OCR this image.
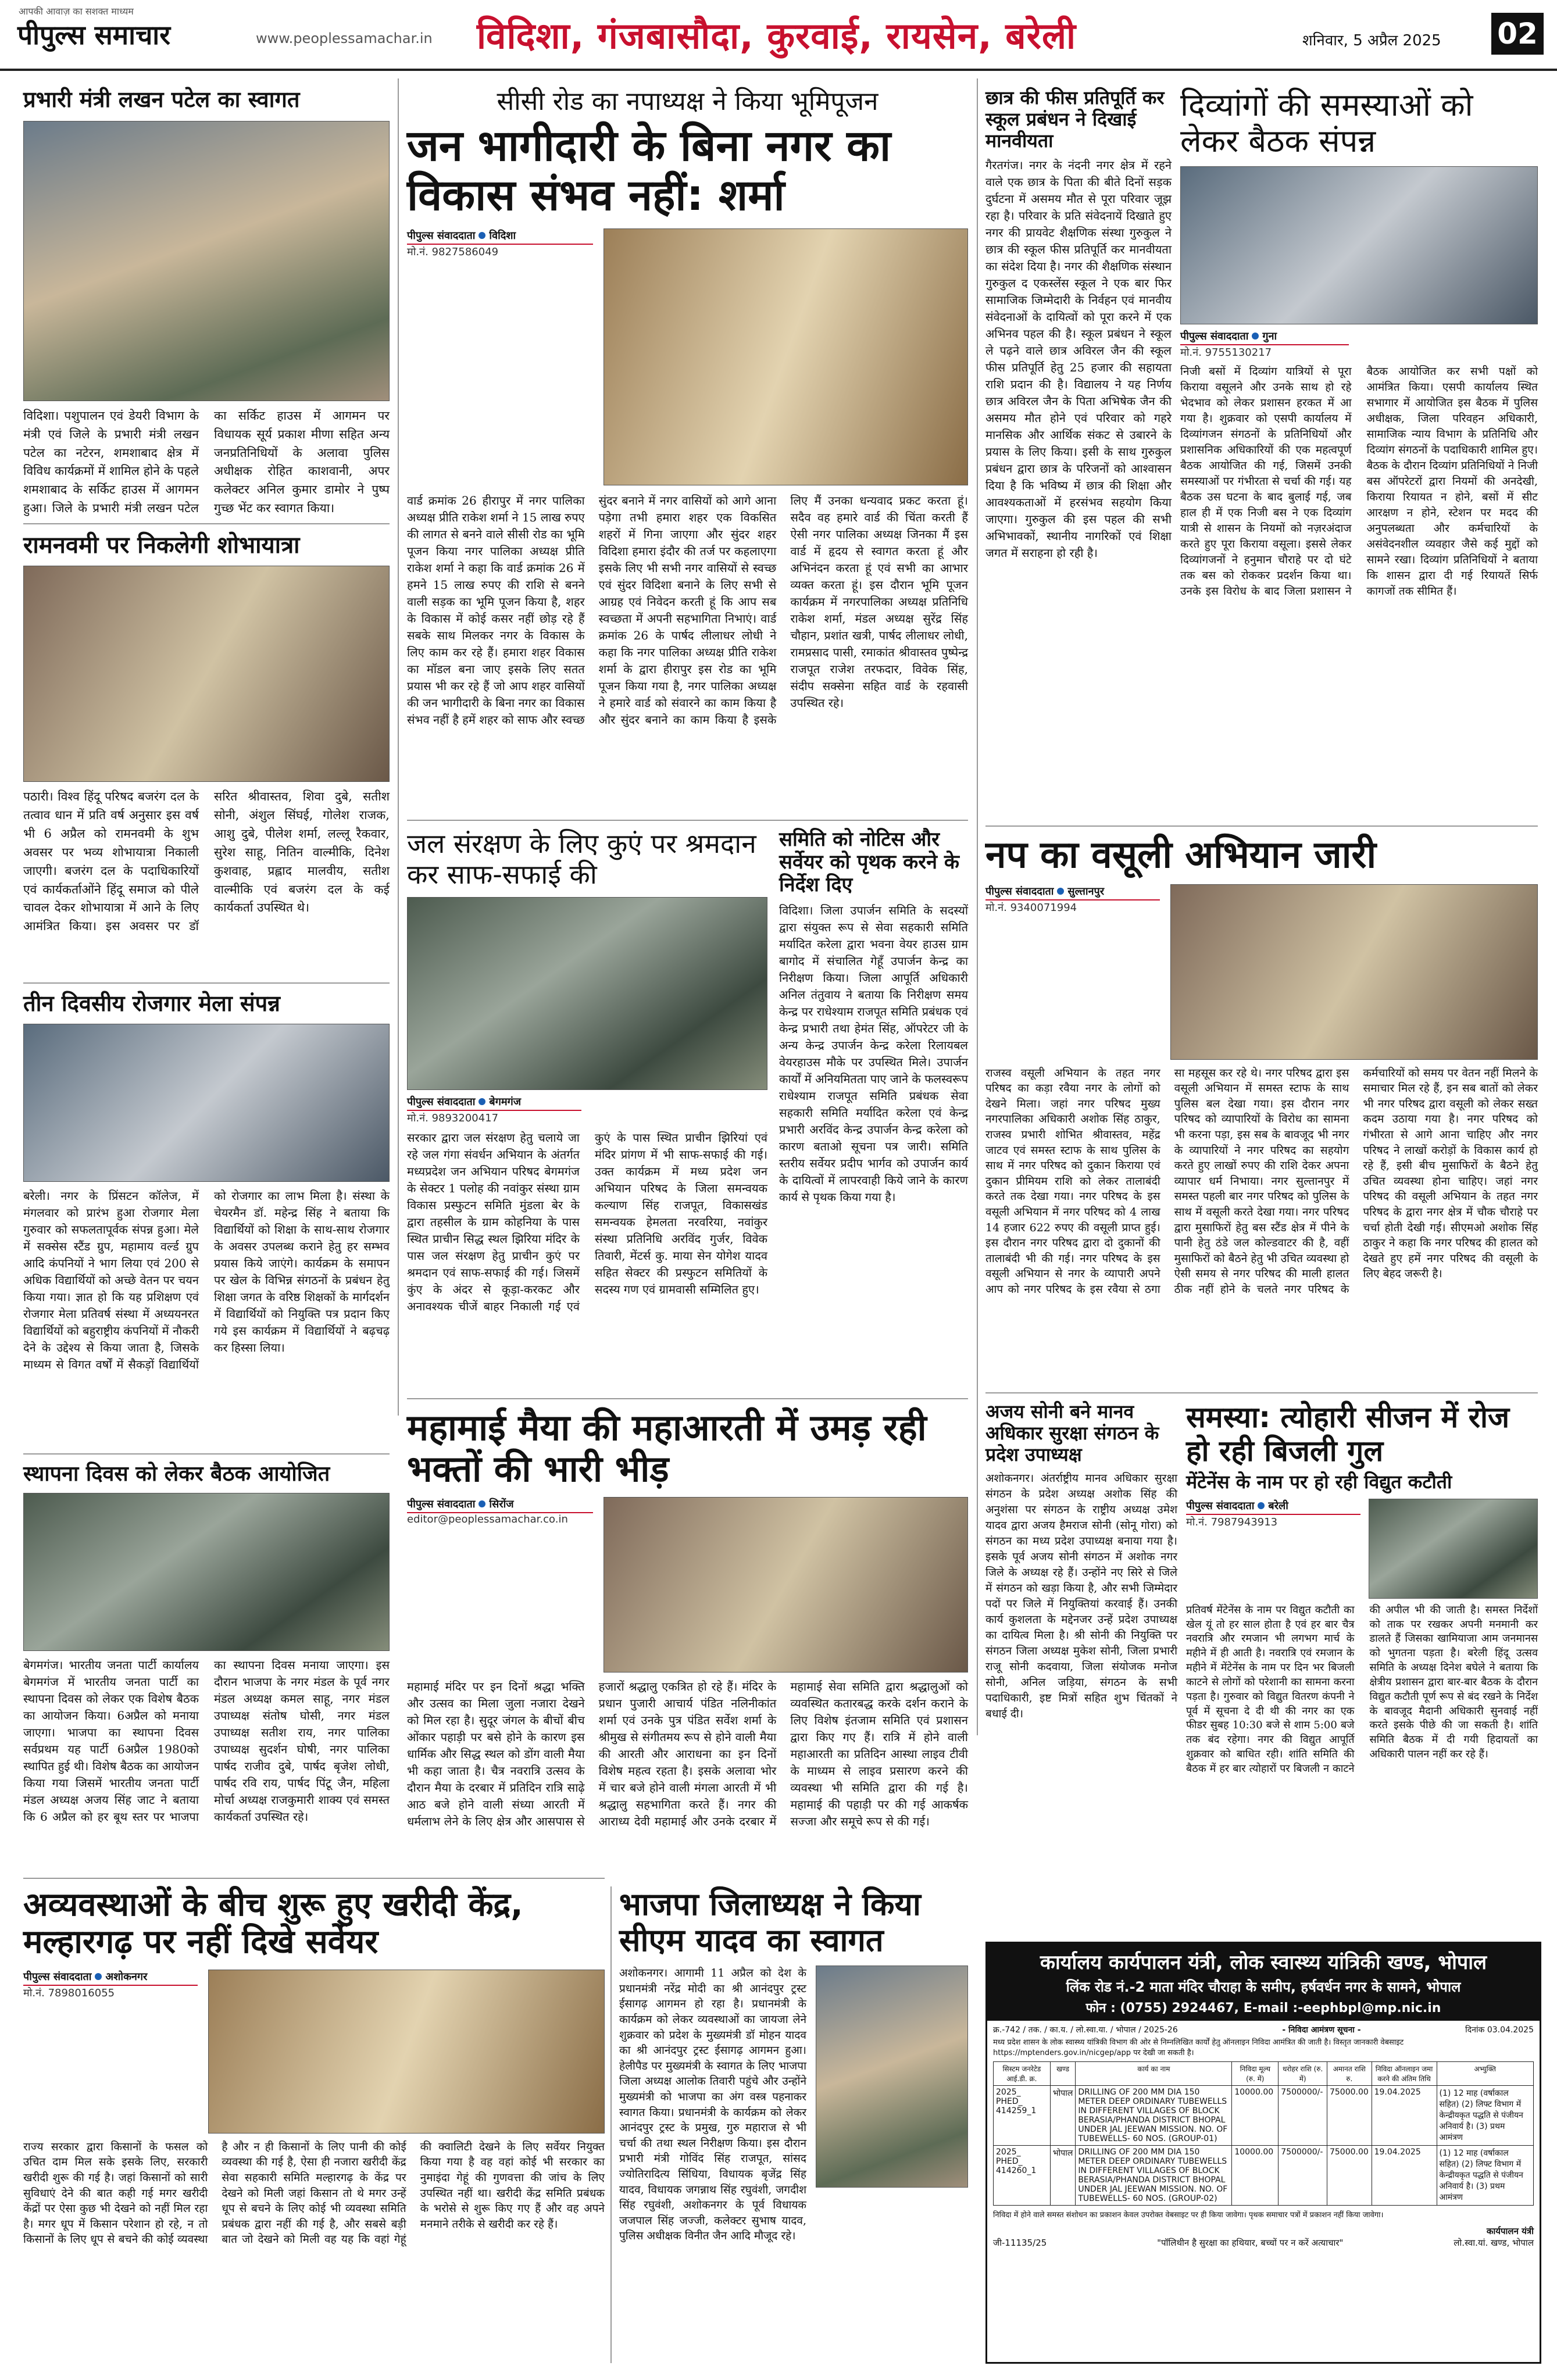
आपकी आवाज़ का सशक्त माध्यम
पीपुल्स समाचार	www.peoplessamachar.in विदिशा, गंजबासौदा, कुरवाई, रायसेन, बरेली	शनिवार, 5 अप्रैल 2025 02
प्रभारी मंत्री लखन पटेल का स्वागत
विदिशा। पशुपालन एवं डेयरी विभाग के मंत्री एवं जिले के प्रभारी मंत्री लखन पटेल का नटेरन, शमशाबाद क्षेत्र में विविध कार्यक्रमों में शामिल होने के पहले शमशाबाद के सर्किट हाउस में आगमन हुआ। जिले के प्रभारी मंत्री लखन पटेल का सर्किट हाउस में आगमन पर विधायक सूर्य प्रकाश मीणा सहित अन्य जनप्रतिनिधियों के अलावा पुलिस अधीक्षक रोहित काशवानी, अपर कलेक्टर अनिल कुमार डामोर ने पुष्प गुच्छ भेंट कर स्वागत किया।
रामनवमी पर निकलेगी शोभायात्रा
पठारी। विश्व हिंदू परिषद बजरंग दल के तत्वाव धान में प्रति वर्ष अनुसार इस वर्ष भी 6 अप्रैल को रामनवमी के शुभ अवसर पर भव्य शोभायात्रा निकाली जाएगी। बजरंग दल के पदाधिकारियों एवं कार्यकर्ताओंने हिंदू समाज को पीले चावल देकर शोभायात्रा में आने के लिए आमंत्रित किया। इस अवसर पर डॉ सरित श्रीवास्तव, शिवा दुबे, सतीश सोनी, अंशुल सिंघई, गोलेश राजक, आशु दुबे, पीलेश शर्मा, लल्लू रैकवार, सुरेश साहू, नितिन वाल्मीकि, दिनेश कुशवाह, प्रह्लाद मालवीय, सतीश वाल्मीकि एवं बजरंग दल के कई कार्यकर्ता उपस्थित थे।
तीन दिवसीय रोजगार मेला संपन्न
बरेली। नगर के प्रिंसटन कॉलेज, में मंगलवार को प्रारंभ हुआ रोजगार मेला गुरुवार को सफलतापूर्वक संपन्न हुआ। मेले में सक्सेस स्टैंड ग्रुप, महामाय वर्ल्ड ग्रुप आदि कंपनियों ने भाग लिया एवं 200 से अधिक विद्यार्थियों को अच्छे वेतन पर चयन किया गया। ज्ञात हो कि यह प्रशिक्षण एवं रोजगार मेला प्रतिवर्ष संस्था में अध्ययनरत विद्यार्थियों को बहुराष्ट्रीय कंपनियों में नौकरी देने के उद्देश्य से किया जाता है, जिसके माध्यम से विगत वर्षों में सैकड़ों विद्यार्थियों को रोजगार का लाभ मिला है। संस्था के चेयरमैन डॉ. महेन्द्र सिंह ने बताया कि विद्यार्थियों को शिक्षा के साथ-साथ रोजगार के अवसर उपलब्ध कराने हेतु हर सम्भव प्रयास किये जाएंगे। कार्यक्रम के समापन पर खेल के विभिन्न संगठनों के प्रबंधन हेतु शिक्षा जगत के वरिष्ठ शिक्षकों के मार्गदर्शन में विद्यार्थियों को नियुक्ति पत्र प्रदान किए गये इस कार्यक्रम में विद्यार्थियों ने बढ़चढ़ कर हिस्सा लिया।
स्थापना दिवस को लेकर बैठक आयोजित
बेगमगंज। भारतीय जनता पार्टी कार्यालय बेगमगंज में भारतीय जनता पार्टी का स्थापना दिवस को लेकर एक विशेष बैठक का आयोजन किया। 6अप्रैल को मनाया जाएगा। भाजपा का स्थापना दिवस सर्वप्रथम यह पार्टी 6अप्रैल 1980को स्थापित हुई थी। विशेष बैठक का आयोजन किया गया जिसमें भारतीय जनता पार्टी मंडल अध्यक्ष अजय सिंह जाट ने बताया कि 6 अप्रैल को हर बूथ स्तर पर भाजपा का स्थापना दिवस मनाया जाएगा। इस दौरान भाजपा के नगर मंडल के पूर्व नगर मंडल अध्यक्ष कमल साहू, नगर मंडल उपाध्यक्ष संतोष घोसी, नगर मंडल उपाध्यक्ष सतीश राय, नगर पालिका उपाध्यक्ष सुदर्शन घोषी, नगर पालिका पार्षद राजीव दुबे, पार्षद बृजेश लोधी, पार्षद रवि राय, पार्षद पिंटू जैन, महिला मोर्चा अध्यक्ष राजकुमारी शाक्य एवं समस्त कार्यकर्ता उपस्थित रहे।
सीसी रोड का नपाध्यक्ष ने किया भूमिपूजन
जन भागीदारी के बिना नगर का विकास संभव नहीं: शर्मा
पीपुल्स संवाददाता विदिशा
मो.नं. 9827586049
वार्ड क्रमांक 26 हीरापुर में नगर पालिका अध्यक्ष प्रीति राकेश शर्मा ने 15 लाख रुपए की लागत से बनने वाले सीसी रोड का भूमि पूजन किया नगर पालिका अध्यक्ष प्रीति राकेश शर्मा ने कहा कि वार्ड क्रमांक 26 में हमने 15 लाख रुपए की राशि से बनने वाली सड़क का भूमि पूजन किया है, शहर के विकास में कोई कसर नहीं छोड़ रहे हैं सबके साथ मिलकर नगर के विकास के लिए काम कर रहे हैं। हमारा शहर विकास का मॉडल बना जाए इसके लिए सतत प्रयास भी कर रहे हैं जो आप शहर वासियों की जन भागीदारी के बिना नगर का विकास संभव नहीं है हमें शहर को साफ और स्वच्छ सुंदर बनाने में नगर वासियों को आगे आना पड़ेगा तभी हमारा शहर एक विकसित शहरों में गिना जाएगा और सुंदर शहर विदिशा हमारा इंदौर की तर्ज पर कहलाएगा इसके लिए भी सभी नगर वासियों से स्वच्छ एवं सुंदर विदिशा बनाने के लिए सभी से आग्रह एवं निवेदन करती हूं कि आप सब स्वच्छता में अपनी सहभागिता निभाएं। वार्ड क्रमांक 26 के पार्षद लीलाधर लोधी ने कहा कि नगर पालिका अध्यक्ष प्रीति राकेश शर्मा के द्वारा हीरापुर इस रोड का भूमि पूजन किया गया है, नगर पालिका अध्यक्ष ने हमारे वार्ड को संवारने का काम किया है और सुंदर बनाने का काम किया है इसके लिए मैं उनका धन्यवाद प्रकट करता हूं। सदैव वह हमारे वार्ड की चिंता करती हैं ऐसी नगर पालिका अध्यक्ष जिनका मैं इस वार्ड में हृदय से स्वागत करता हूं और अभिनंदन करता हूं एवं सभी का आभार व्यक्त करता हूं। इस दौरान भूमि पूजन कार्यक्रम में नगरपालिका अध्यक्ष प्रतिनिधि राकेश शर्मा, मंडल अध्यक्ष सुरेंद्र सिंह चौहान, प्रशांत खत्री, पार्षद लीलाधर लोधी, रामप्रसाद पासी, रमाकांत श्रीवास्तव पुष्पेन्द्र राजपूत राजेश तरफदार, विवेक सिंह, संदीप सक्सेना सहित वार्ड के रहवासी उपस्थित रहे।
जल संरक्षण के लिए कुएं पर श्रमदान कर साफ-सफाई की
पीपुल्स संवाददाता बेगमगंज
मो.नं. 9893200417
सरकार द्वारा जल संरक्षण हेतु चलाये जा रहे जल गंगा संवर्धन अभियान के अंतर्गत मध्यप्रदेश जन अभियान परिषद बेगमगंज के सेक्टर 1 पलोह की नवांकुर संस्था ग्राम विकास प्रस्फुटन समिति मुंडला बेर के द्वारा तहसील के ग्राम कोहनिया के पास स्थित प्राचीन सिद्ध स्थल झिरिया मंदिर के पास जल संरक्षण हेतु प्राचीन कुएं पर श्रमदान एवं साफ-सफाई की गई। जिसमें कुंए के अंदर से कूड़ा-करकट और अनावश्यक चीजें बाहर निकाली गई एवं कुएं के पास स्थित प्राचीन झिरियां एवं मंदिर प्रांगण में भी साफ-सफाई की गई। उक्त कार्यक्रम में मध्य प्रदेश जन अभियान परिषद के जिला समन्वयक कल्याण सिंह राजपूत, विकासखंड समन्वयक हेमलता नरवरिया, नवांकुर संस्था प्रतिनिधि अरविंद गुर्जर, विवेक तिवारी, मेंटर्स कु. माया सेन योगेश यादव सहित सेक्टर की प्रस्फुटन समितियों के सदस्य गण एवं ग्रामवासी सम्मिलित हुए।
समिति को नोटिस और सर्वेयर को पृथक करने के निर्देश दिए
विदिशा। जिला उपार्जन समिति के सदस्यों द्वारा संयुक्त रूप से सेवा सहकारी समिति मर्यादित करेला द्वारा भवना वेयर हाउस ग्राम बागोद में संचालित गेहूँ उपार्जन केन्द्र का निरीक्षण किया। जिला आपूर्ति अधिकारी अनिल तंतुवाय ने बताया कि निरीक्षण समय केन्द्र पर राधेश्याम राजपूत समिति प्रबंधक एवं केन्द्र प्रभारी तथा हेमंत सिंह, ऑपरेटर जी के अन्य केन्द्र उपार्जन केन्द्र करेला रिलायबल वेयरहाउस मौके पर उपस्थित मिले। उपार्जन कार्यों में अनियमितता पाए जाने के फलस्वरूप राधेश्याम राजपूत समिति प्रबंधक सेवा सहकारी समिति मर्यादित करेला एवं केन्द्र प्रभारी अरविंद केन्द्र उपार्जन केन्द्र करेला को कारण बताओ सूचना पत्र जारी। समिति स्तरीय सर्वेयर प्रदीप भार्गव को उपार्जन कार्य के दायित्वों में लापरवाही किये जाने के कारण कार्य से पृथक किया गया है।
महामाई मैया की महाआरती में उमड़ रही भक्तों की भारी भीड़
पीपुल्स संवाददाता सिरोंज
editor@peoplessamachar.co.in
महामाई मंदिर पर इन दिनों श्रद्धा भक्ति और उत्सव का मिला जुला नजारा देखने को मिल रहा है। सुदूर जंगल के बीचों बीच ओंकार पहाड़ी पर बसे होने के कारण इस धार्मिक और सिद्ध स्थल को डोंग वाली मैया भी कहा जाता है। चैत्र नवरात्रि उत्सव के दौरान मैया के दरबार में प्रतिदिन रात्रि साढ़े आठ बजे होने वाली संध्या आरती में धर्मलाभ लेने के लिए क्षेत्र और आसपास से हजारों श्रद्धालु एकत्रित हो रहे हैं। मंदिर के प्रधान पुजारी आचार्य पंडित नलिनीकांत शर्मा एवं उनके पुत्र पंडित सर्वेश शर्मा के श्रीमुख से संगीतमय रूप से होने वाली मैया की आरती और आराधना का इन दिनों विशेष महत्व रहता है। इसके अलावा भोर में चार बजे होने वाली मंगला आरती में भी श्रद्धालु सहभागिता करते हैं। नगर की आराध्य देवी महामाई और उनके दरबार में महामाई सेवा समिति द्वारा श्रद्धालुओं को व्यवस्थित कतारबद्ध करके दर्शन कराने के लिए विशेष इंतजाम समिति एवं प्रशासन द्वारा किए गए हैं। रात्रि में होने वाली महाआरती का प्रतिदिन आस्था लाइव टीवी के माध्यम से लाइव प्रसारण करने की व्यवस्था भी समिति द्वारा की गई है। महामाई की पहाड़ी पर की गई आकर्षक सज्जा और समूचे रूप से की गई।
अव्यवस्थाओं के बीच शुरू हुए खरीदी केंद्र, मल्हारगढ़ पर नहीं दिखे सर्वेयर
पीपुल्स संवाददाता अशोकनगर
मो.नं. 7898016055
राज्य सरकार द्वारा किसानों के फसल को उचित दाम मिल सके इसके लिए, सरकारी खरीदी शुरू की गई है। जहां किसानों को सारी सुविधाएं देने की बात कही गई मगर खरीदी केंद्रों पर ऐसा कुछ भी देखने को नहीं मिल रहा है। मगर धूप में किसान परेशान हो रहे, न तो किसानों के लिए धूप से बचने की कोई व्यवस्था है और न ही किसानों के लिए पानी की कोई व्यवस्था की गई है, ऐसा ही नजारा खरीदी केंद्र सेवा सहकारी समिति मल्हारगढ़ के केंद्र पर देखने को मिली जहां किसान तो थे मगर उन्हें धूप से बचने के लिए कोई भी व्यवस्था समिति प्रबंधक द्वारा नहीं की गई है, और सबसे बड़ी बात जो देखने को मिली वह यह कि वहां गेहूं की क्वालिटी देखने के लिए सर्वेयर नियुक्त किया गया है वह वहां कोई भी सरकार का नुमाइंदा गेहूं की गुणवत्ता की जांच के लिए उपस्थित नहीं था। खरीदी केंद्र समिति प्रबंधक के भरोसे से शुरू किए गए हैं और वह अपने मनमाने तरीके से खरीदी कर रहे हैं।
भाजपा जिलाध्यक्ष ने किया सीएम यादव का स्वागत
अशोकनगर। आगामी 11 अप्रैल को देश के प्रधानमंत्री नरेंद्र मोदी का श्री आनंदपुर ट्रस्ट ईसागढ़ आगमन हो रहा है। प्रधानमंत्री के कार्यक्रम को लेकर व्यवस्थाओं का जायजा लेने शुक्रवार को प्रदेश के मुख्यमंत्री डॉ मोहन यादव का श्री आनंदपुर ट्रस्ट ईसागढ़ आगमन हुआ। हेलीपैड पर मुख्यमंत्री के स्वागत के लिए भाजपा जिला अध्यक्ष आलोक तिवारी पहुंचे और उन्होंने मुख्यमंत्री को भाजपा का अंग वस्त्र पहनाकर स्वागत किया। प्रधानमंत्री के कार्यक्रम को लेकर आनंदपुर ट्रस्ट के प्रमुख, गुरु महाराज से भी चर्चा की तथा स्थल निरीक्षण किया। इस दौरान प्रभारी मंत्री गोविंद सिंह राजपूत, सांसद ज्योतिरादित्य सिंधिया, विधायक बृजेंद्र सिंह यादव, विधायक जगन्नाथ सिंह रघुवंशी, जगदीश सिंह रघुवंशी, अशोकनगर के पूर्व विधायक जजपाल सिंह जज्जी, कलेक्टर सुभाष यादव, पुलिस अधीक्षक विनीत जैन आदि मौजूद रहे।
छात्र की फीस प्रतिपूर्ति कर स्कूल प्रबंधन ने दिखाई मानवीयता
गैरतगंज। नगर के नंदनी नगर क्षेत्र में रहने वाले एक छात्र के पिता की बीते दिनों सड़क दुर्घटना में असमय मौत से पूरा परिवार जूझ रहा है। परिवार के प्रति संवेदनायें दिखाते हुए नगर की प्रायवेट शैक्षणिक संस्था गुरुकुल ने छात्र की स्कूल फीस प्रतिपूर्ति कर मानवीयता का संदेश दिया है। नगर की शैक्षणिक संस्थान गुरुकुल द एकस्लेंस स्कूल ने एक बार फिर सामाजिक जिम्मेदारी के निर्वहन एवं मानवीय संवेदनाओं के दायित्वों को पूरा करने में एक अभिनव पहल की है। स्कूल प्रबंधन ने स्कूल ले पढ़ने वाले छात्र अविरल जैन की स्कूल फीस प्रतिपूर्ति हेतु 25 हजार की सहायता राशि प्रदान की है। विद्यालय ने यह निर्णय छात्र अविरल जैन के पिता अभिषेक जैन की असमय मौत होने एवं परिवार को गहरे मानसिक और आर्थिक संकट से उबारने के प्रयास के लिए किया। इसी के साथ गुरुकुल प्रबंधन द्वारा छात्र के परिजनों को आश्वासन दिया है कि भविष्य में छात्र की शिक्षा और आवश्यकताओं में हरसंभव सहयोग किया जाएगा। गुरुकुल की इस पहल की सभी अभिभावकों, स्थानीय नागरिकों एवं शिक्षा जगत में सराहना हो रही है।
दिव्यांगों की समस्याओं को लेकर बैठक संपन्न
पीपुल्स संवाददाता गुना
मो.नं. 9755130217
निजी बसों में दिव्यांग यात्रियों से पूरा किराया वसूलने और उनके साथ हो रहे भेदभाव को लेकर प्रशासन हरकत में आ गया है। शुक्रवार को एसपी कार्यालय में दिव्यांगजन संगठनों के प्रतिनिधियों और प्रशासनिक अधिकारियों की एक महत्वपूर्ण बैठक आयोजित की गई, जिसमें उनकी समस्याओं पर गंभीरता से चर्चा की गई। यह बैठक उस घटना के बाद बुलाई गई, जब हाल ही में एक निजी बस ने एक दिव्यांग यात्री से शासन के नियमों को नज़रअंदाज करते हुए पूरा किराया वसूला। इससे लेकर दिव्यांगजनों ने हनुमान चौराहे पर दो घंटे तक बस को रोककर प्रदर्शन किया था। उनके इस विरोध के बाद जिला प्रशासन ने बैठक आयोजित कर सभी पक्षों को आमंत्रित किया। एसपी कार्यालय स्थित सभागार में आयोजित इस बैठक में पुलिस अधीक्षक, जिला परिवहन अधिकारी, सामाजिक न्याय विभाग के प्रतिनिधि और दिव्यांग संगठनों के पदाधिकारी शामिल हुए। बैठक के दौरान दिव्यांग प्रतिनिधियों ने निजी बस ऑपरेटरों द्वारा नियमों की अनदेखी, किराया रियायत न होने, बसों में सीट आरक्षण न होने, स्टेशन पर मदद की अनुपलब्धता और कर्मचारियों के असंवेदनशील व्यवहार जैसे कई मुद्दों को सामने रखा। दिव्यांग प्रतिनिधियों ने बताया कि शासन द्वारा दी गई रियायतें सिर्फ कागजों तक सीमित हैं।
नप का वसूली अभियान जारी
पीपुल्स संवाददाता सुल्तानपुर
मो.नं. 9340071994
राजस्व वसूली अभियान के तहत नगर परिषद का कड़ा रवैया नगर के लोगों को देखने मिला। जहां नगर परिषद मुख्य नगरपालिका अधिकारी अशोक सिंह ठाकुर, राजस्व प्रभारी शोभित श्रीवास्तव, महेंद्र जाटव एवं समस्त स्टाफ के साथ पुलिस के साथ में नगर परिषद को दुकान किराया एवं दुकान प्रीमियम राशि को लेकर तालाबंदी करते तक देखा गया। नगर परिषद के इस वसूली अभियान में नगर परिषद को 4 लाख 14 हजार 622 रुपए की वसूली प्राप्त हुई। इस दौरान नगर परिषद द्वारा दो दुकानों की तालाबंदी भी की गई। नगर परिषद के इस वसूली अभियान से नगर के व्यापारी अपने आप को नगर परिषद के इस रवैया से ठगा सा महसूस कर रहे थे। नगर परिषद द्वारा इस वसूली अभियान में समस्त स्टाफ के साथ पुलिस बल देखा गया। इस दौरान नगर परिषद को व्यापारियों के विरोध का सामना भी करना पड़ा, इस सब के बावजूद भी नगर के व्यापारियों ने नगर परिषद का सहयोग करते हुए लाखों रुपए की राशि देकर अपना व्यापार धर्म निभाया। नगर सुल्तानपुर में समस्त पहली बार नगर परिषद को पुलिस के साथ में वसूली करते देखा गया। नगर परिषद द्वारा मुसाफिरों हेतु बस स्टैंड क्षेत्र में पीने के पानी हेतु ठंडे जल कोल्डवाटर की है, वहीं मुसाफिरों को बैठने हेतु भी उचित व्यवस्था हो ऐसी समय से नगर परिषद की माली हालत ठीक नहीं होने के चलते नगर परिषद के कर्मचारियों को समय पर वेतन नहीं मिलने के समाचार मिल रहे हैं, इन सब बातों को लेकर भी नगर परिषद द्वारा वसूली को लेकर सख्त कदम उठाया गया है। नगर परिषद को गंभीरता से आगे आना चाहिए और नगर परिषद ने लाखों करोड़ों के विकास कार्य हो रहे हैं, इसी बीच मुसाफिरों के बैठने हेतु उचित व्यवस्था होना चाहिए। जहां नगर परिषद की वसूली अभियान के तहत नगर परिषद के द्वारा नगर क्षेत्र में चौक चौराहे पर चर्चा होती देखी गई। सीएमओ अशोक सिंह ठाकुर ने कहा कि नगर परिषद की हालत को देखते हुए हमें नगर परिषद की वसूली के लिए बेहद जरूरी है।
अजय सोनी बने मानव अधिकार सुरक्षा संगठन के प्रदेश उपाध्यक्ष
अशोकनगर। अंतर्राष्ट्रीय मानव अधिकार सुरक्षा संगठन के प्रदेश अध्यक्ष अशोक सिंह की अनुशंसा पर संगठन के राष्ट्रीय अध्यक्ष उमेश यादव द्वारा अजय हैमराज सोनी (सोनू गोरा) को संगठन का मध्य प्रदेश उपाध्यक्ष बनाया गया है। इसके पूर्व अजय सोनी संगठन में अशोक नगर जिले के अध्यक्ष रहे हैं। उन्होंने नए सिरे से जिले में संगठन को खड़ा किया है, और सभी जिम्मेदार पदों पर जिले में नियुक्तियां करवाई हैं। उनकी कार्य कुशलता के मद्देनजर उन्हें प्रदेश उपाध्यक्ष का दायित्व मिला है। श्री सोनी की नियुक्ति पर संगठन जिला अध्यक्ष मुकेश सोनी, जिला प्रभारी राजू सोनी कदवाया, जिला संयोजक मनोज सोनी, अनिल जड़िया, संगठन के सभी पदाधिकारी, इष्ट मित्रों सहित शुभ चिंतकों ने बधाई दी।
समस्या: त्योहारी सीजन में रोज हो रही बिजली गुल
मेंटेनेंस के नाम पर हो रही विद्युत कटौती
पीपुल्स संवाददाता बरेली
मो.नं. 7987943913
प्रतिवर्ष मेंटेनेंस के नाम पर विद्युत कटौती का खेल यूं तो हर साल होता है एवं हर बार चैत्र नवरात्रि और रमजान भी लगभग मार्च के महीने में ही आती है। नवरात्रि एवं रमजान के महीने में मेंटेनेंस के नाम पर दिन भर बिजली काटने से लोगों को परेशानी का सामना करना पड़ता है। गुरुवार को विद्युत वितरण कंपनी ने पूर्व में सूचना दे दी थी की नगर का एक फीडर सुबह 10:30 बजे से शाम 5:00 बजे तक बंद रहेगा। नगर की विद्युत आपूर्ति शुक्रवार को बाधित रही। शांति समिति की बैठक में हर बार त्योहारों पर बिजली न काटने की अपील भी की जाती है। समस्त निर्देशों को ताक पर रखकर अपनी मनमानी कर डालते हैं जिसका खामियाजा आम जनमानस को भुगतना पड़ता है। बरेली हिंदू उत्सव समिति के अध्यक्ष दिनेश बघेले ने बताया कि क्षेत्रीय प्रशासन द्वारा बार-बार बैठक के दौरान विद्युत कटौती पूर्ण रूप से बंद रखने के निर्देश के बावजूद मैदानी अधिकारी सुनवाई नहीं करते इसके पीछे की जा सकती है। शांति समिति बैठक में दी गयी हिदायतों का अधिकारी पालन नहीं कर रहे हैं।
कार्यालय कार्यपालन यंत्री, लोक स्वास्थ्य यांत्रिकी खण्ड, भोपाल
लिंक रोड नं.-2 माता मंदिर चौराहा के समीप, हर्षवर्धन नगर के सामने, भोपाल
फोन : (0755) 2924467, E-mail :-eephbpl@mp.nic.in
क्र.-742 / तक. / का.य. / लो.स्वा.या. / भोपाल / 2025-26	- निविदा आमंत्रण सूचना -	दिनांक 03.04.2025
मध्य प्रदेश शासन के लोक स्वास्थ्य यांत्रिकी विभाग की ओर से निम्नलिखित कार्यों हेतु ऑनलाइन निविदा आमंत्रित की जाती है। विस्तृत जानकारी वेबसाइट https://mptenders.gov.in/nicgep/app पर देखी जा सकती है।
सिस्टम जनरेटेड आई.डी. क्र.	खण्ड	कार्य का नाम	निविदा मूल्य (रु. में)	धरोहर राशि (रु. में)	अमानत राशि रु.	निविदा ऑनलाइन जमा करने की अंतिम तिथि	अभ्युक्ति
2025_ PHED_ 414259_1	भोपाल	DRILLING OF 200 MM DIA 150 METER DEEP ORDINARY TUBEWELLS IN DIFFERENT VILLAGES OF BLOCK BERASIA/PHANDA DISTRICT BHOPAL UNDER JAL JEEWAN MISSION. NO. OF TUBEWELLS- 60 NOS. (GROUP-01)	10000.00	7500000/-	75000.00	19.04.2025	(1) 12 माह (वर्षाकाल सहित) (2) लिफ्ट विभाग में केन्द्रीयकृत पद्धति से पंजीयन अनिवार्य है। (3) प्रथम आमंत्रण
2025_ PHED_ 414260_1	भोपाल	DRILLING OF 200 MM DIA 150 METER DEEP ORDINARY TUBEWELLS IN DIFFERENT VILLAGES OF BLOCK BERASIA/PHANDA DISTRICT BHOPAL UNDER JAL JEEWAN MISSION. NO. OF TUBEWELLS- 60 NOS. (GROUP-02)	10000.00	7500000/-	75000.00	19.04.2025	(1) 12 माह (वर्षाकाल सहित) (2) लिफ्ट विभाग में केन्द्रीयकृत पद्धति से पंजीयन अनिवार्य है। (3) प्रथम आमंत्रण
निविदा में होने वाले समस्त संशोधन का प्रकाशन केवल उपरोक्त वेबसाइट पर ही किया जावेगा। पृथक समाचार पत्रों में प्रकाशन नहीं किया जावेगा।
जी-11135/25	"पॉलिथीन है सुरक्षा का हथियार, बच्चों पर न करें अत्याचार"
कार्यपालन यंत्री
लो.स्वा.यां. खण्ड, भोपाल
